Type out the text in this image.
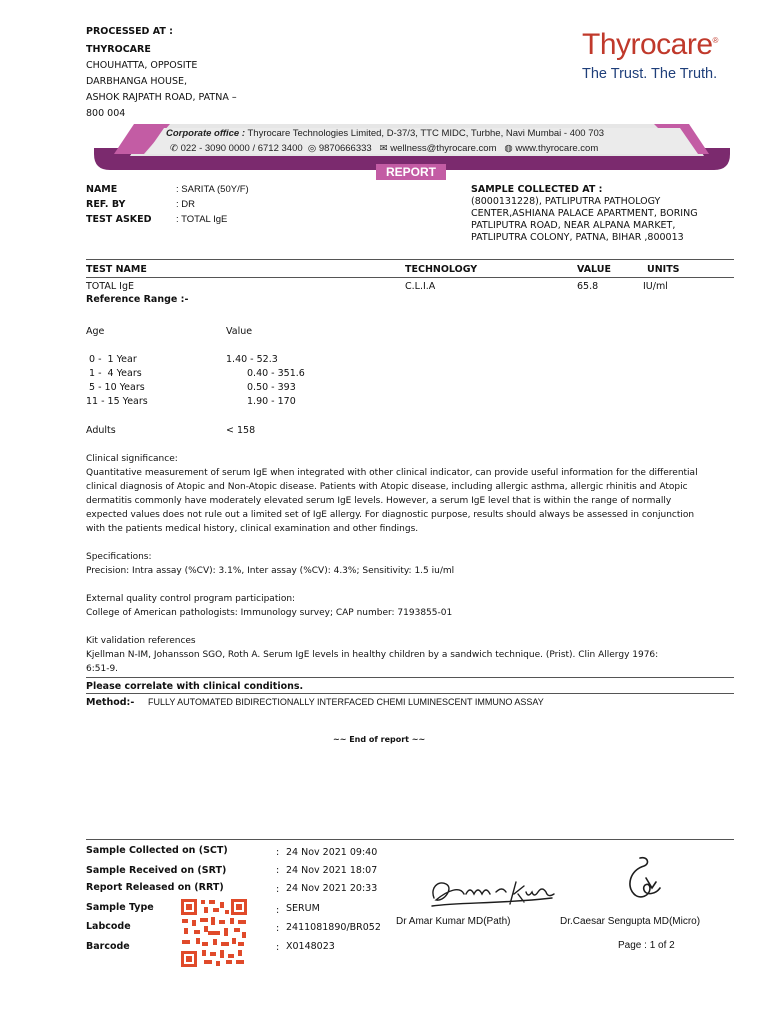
PROCESSED AT :
THYROCARE
CHOUHATTA, OPPOSITE
DARBHANGA HOUSE,
ASHOK RAJPATH ROAD, PATNA –
800 004
Thyrocare®
The Trust. The Truth.
Corporate office : Thyrocare Technologies Limited, D-37/3, TTC MIDC, Turbhe, Navi Mumbai - 400 703
✆ 022 - 3090 0000 / 6712 3400 ◎ 9870666333 ✉ wellness@thyrocare.com ◍ www.thyrocare.com
REPORT
NAME	: SARITA (50Y/F)
REF. BY	: DR
TEST ASKED	: TOTAL IgE
SAMPLE COLLECTED AT :
(8000131228), PATLIPUTRA PATHOLOGY
CENTER,ASHIANA PALACE APARTMENT, BORING
PATLIPUTRA ROAD, NEAR ALPANA MARKET,
PATLIPUTRA COLONY, PATNA, BIHAR ,800013
TEST NAME	TECHNOLOGY	VALUE	UNITS
TOTAL IgE	C.L.I.A	65.8	IU/ml
Reference Range :-
Age	Value
0 -  1 Year	1.40 - 52.3
1 -  4 Years	0.40 - 351.6
5 - 10 Years	0.50 - 393
11 - 15 Years	1.90 - 170
Adults	< 158
Clinical significance:
Quantitative measurement of serum IgE when integrated with other clinical indicator, can provide useful information for the differential
clinical diagnosis of Atopic and Non-Atopic disease. Patients with Atopic disease, including allergic asthma, allergic rhinitis and Atopic
dermatitis commonly have moderately elevated serum IgE levels. However, a serum IgE level that is within the range of normally
expected values does not rule out a limited set of IgE allergy. For diagnostic purpose, results should always be assessed in conjunction
with the patients medical history, clinical examination and other findings.
Specifications:
Precision: Intra assay (%CV): 3.1%, Inter assay (%CV): 4.3%; Sensitivity: 1.5 iu/ml
External quality control program participation:
College of American pathologists: Immunology survey; CAP number: 7193855-01
Kit validation references
Kjellman N-IM, Johansson SGO, Roth A. Serum IgE levels in healthy children by a sandwich technique. (Prist). Clin Allergy 1976:
6:51-9.
Please correlate with clinical conditions.
Method:- FULLY AUTOMATED BIDIRECTIONALLY INTERFACED CHEMI LUMINESCENT IMMUNO ASSAY
~~ End of report ~~
Sample Collected on (SCT)	: 24 Nov 2021 09:40
Sample Received on (SRT)	: 24 Nov 2021 18:07
Report Released on (RRT)	: 24 Nov 2021 20:33
Sample Type	: SERUM
Labcode	: 2411081890/BR052
Barcode	: X0148023
Dr Amar Kumar MD(Path)	Dr.Caesar Sengupta MD(Micro)
Page : 1 of 2
